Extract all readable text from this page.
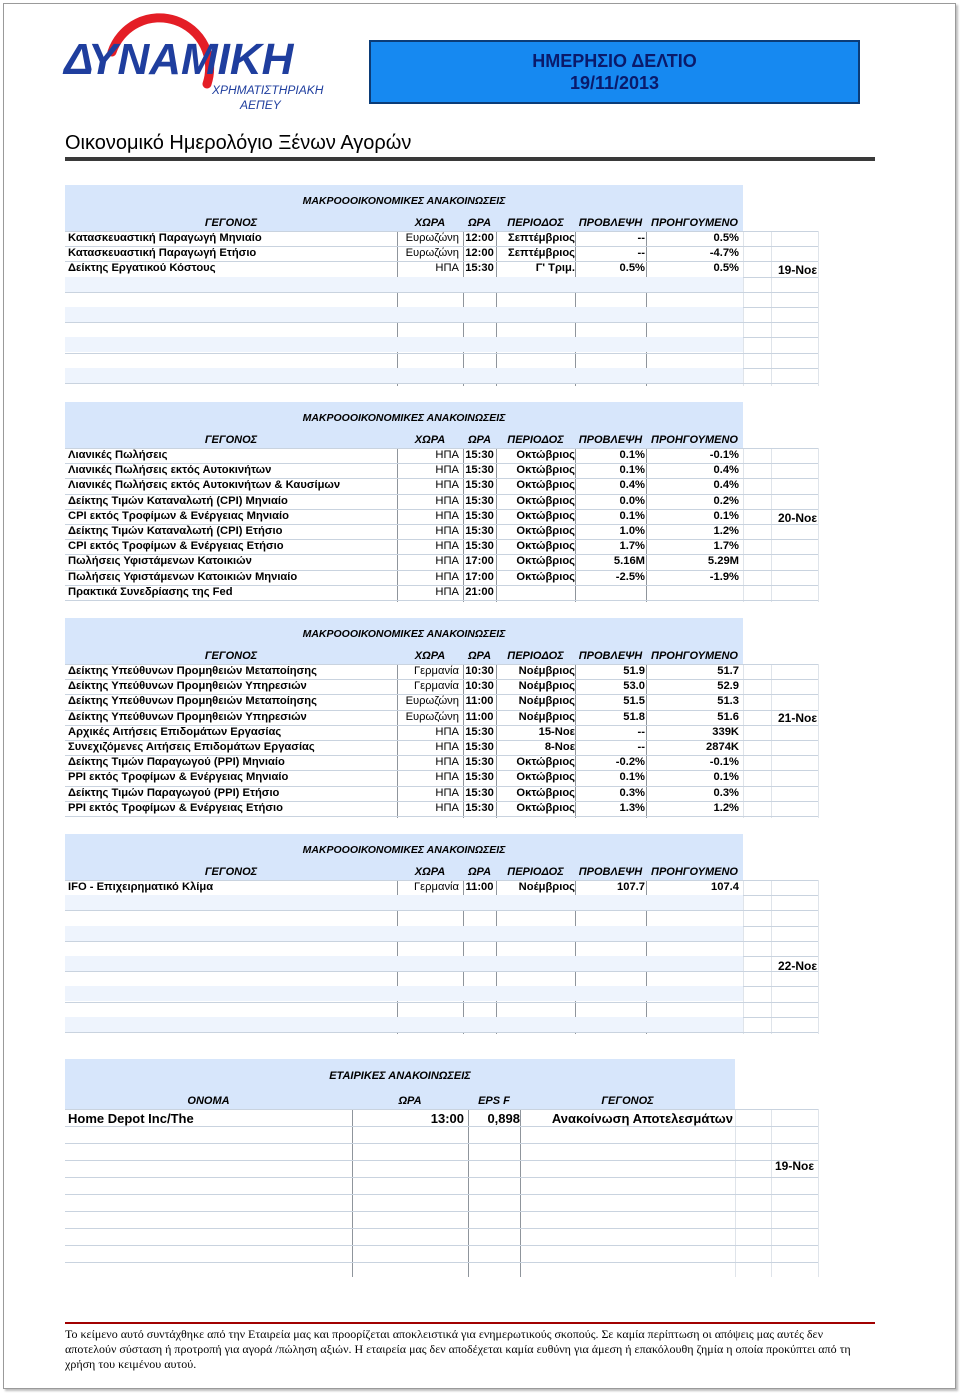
ΔΥΝΑΜΙΚΗ
ΧΡΗΜΑΤΙΣΤΗΡΙΑΚΗ
ΑΕΠΕΥ
ΗΜΕΡΗΣΙΟ ΔΕΛΤΙΟ
19/11/2013
Οικονομικό Ημερολόγιο Ξένων Αγορών
ΜΑΚΡΟΟΟΙΚΟΝΟΜΙΚΕΣ ΑΝΑΚΟΙΝΩΣΕΙΣ
ΓΕΓΟΝΟΣ	ΧΩΡΑ	ΩΡΑ	ΠΕΡΙΟΔΟΣ	ΠΡΟΒΛΕΨΗ ΠΡΟΗΓΟΥΜΕΝΟ
Κατασκευαστική Παραγωγή Μηνιαίο	Ευρωζώνη 12:00	Σεπτέμβριος	--	0.5%
Κατασκευαστική Παραγωγή Ετήσιο	Ευρωζώνη 12:00	Σεπτέμβριος	--	-4.7%
Δείκτης Εργατικού Κόστους	ΗΠΑ 15:30	Γ' Τριμ.	0.5%	0.5%	19-Νοε
ΜΑΚΡΟΟΟΙΚΟΝΟΜΙΚΕΣ ΑΝΑΚΟΙΝΩΣΕΙΣ
ΓΕΓΟΝΟΣ	ΧΩΡΑ	ΩΡΑ	ΠΕΡΙΟΔΟΣ	ΠΡΟΒΛΕΨΗ ΠΡΟΗΓΟΥΜΕΝΟ
Λιανικές Πωλήσεις	ΗΠΑ 15:30	Οκτώβριος	0.1%	-0.1%
Λιανικές Πωλήσεις εκτός Αυτοκινήτων	ΗΠΑ 15:30	Οκτώβριος	0.1%	0.4%
Λιανικές Πωλήσεις εκτός Αυτοκινήτων & Καυσίμων	ΗΠΑ 15:30	Οκτώβριος	0.4%	0.4%
Δείκτης Τιμών Καταναλωτή (CPI) Μηνιαίο	ΗΠΑ 15:30	Οκτώβριος	0.0%	0.2%
CPI εκτός Τροφίμων & Ενέργειας Μηνιαίο	ΗΠΑ 15:30	Οκτώβριος	0.1%	0.1%
Δείκτης Τιμών Καταναλωτή (CPI) Ετήσιο	ΗΠΑ 15:30	Οκτώβριος	1.0%	1.2%
CPI εκτός Τροφίμων & Ενέργειας Ετήσιο	ΗΠΑ 15:30	Οκτώβριος	1.7%	1.7%
Πωλήσεις Υφιστάμενων Κατοικιών	ΗΠΑ 17:00	Οκτώβριος	5.16M	5.29M
Πωλήσεις Υφιστάμενων Κατοικιών Μηνιαίο	ΗΠΑ 17:00	Οκτώβριος	-2.5%	-1.9%
Πρακτικά Συνεδρίασης της Fed	ΗΠΑ 21:00
20-Νοε
ΜΑΚΡΟΟΟΙΚΟΝΟΜΙΚΕΣ ΑΝΑΚΟΙΝΩΣΕΙΣ
ΓΕΓΟΝΟΣ	ΧΩΡΑ	ΩΡΑ	ΠΕΡΙΟΔΟΣ	ΠΡΟΒΛΕΨΗ ΠΡΟΗΓΟΥΜΕΝΟ
Δείκτης Υπεύθυνων Προμηθειών Μεταποίησης	Γερμανία 10:30	Νοέμβριος	51.9	51.7
Δείκτης Υπεύθυνων Προμηθειών Υπηρεσιών	Γερμανία 10:30	Νοέμβριος	53.0	52.9
Δείκτης Υπεύθυνων Προμηθειών Μεταποίησης	Ευρωζώνη 11:00	Νοέμβριος	51.5	51.3
Δείκτης Υπεύθυνων Προμηθειών Υπηρεσιών	Ευρωζώνη 11:00	Νοέμβριος	51.8	51.6
Αρχικές Αιτήσεις Επιδομάτων Εργασίας	ΗΠΑ 15:30	15-Νοε	--	339K
Συνεχιζόμενες Αιτήσεις Επιδομάτων Εργασίας	ΗΠΑ 15:30	8-Νοε	--	2874K
Δείκτης Τιμών Παραγωγού (PPI) Μηνιαίο	ΗΠΑ 15:30	Οκτώβριος	-0.2%	-0.1%
PPI εκτός Τροφίμων & Ενέργειας Μηνιαίο	ΗΠΑ 15:30	Οκτώβριος	0.1%	0.1%
Δείκτης Τιμών Παραγωγού (PPI) Ετήσιο	ΗΠΑ 15:30	Οκτώβριος	0.3%	0.3%
PPI εκτός Τροφίμων & Ενέργειας Ετήσιο	ΗΠΑ 15:30	Οκτώβριος	1.3%	1.2%
21-Νοε
ΜΑΚΡΟΟΟΙΚΟΝΟΜΙΚΕΣ ΑΝΑΚΟΙΝΩΣΕΙΣ
ΓΕΓΟΝΟΣ	ΧΩΡΑ	ΩΡΑ	ΠΕΡΙΟΔΟΣ	ΠΡΟΒΛΕΨΗ ΠΡΟΗΓΟΥΜΕΝΟ
IFO - Επιχειρηματικό Κλίμα	Γερμανία 11:00	Νοέμβριος	107.7	107.4
22-Νοε
ΕΤΑΙΡΙΚΕΣ ΑΝΑΚΟΙΝΩΣΕΙΣ
ΟΝΟΜΑ	ΩΡΑ	EPS F	ΓΕΓΟΝΟΣ
Home Depot Inc/The	13:00	0,898	Ανακοίνωση Αποτελεσμάτων
19-Νοε
Το κείμενο αυτό συντάχθηκε από την Εταιρεία μας και προορίζεται αποκλειστικά για ενημερωτικούς σκοπούς. Σε καμία περίπτωση οι απόψεις μας αυτές δεν αποτελούν σύσταση ή προτροπή για αγορά /πώληση αξιών. Η εταιρεία μας δεν αποδέχεται καμία ευθύνη για άμεση ή επακόλουθη ζημία η οποία προκύπτει από τη χρήση του κειμένου αυτού.
